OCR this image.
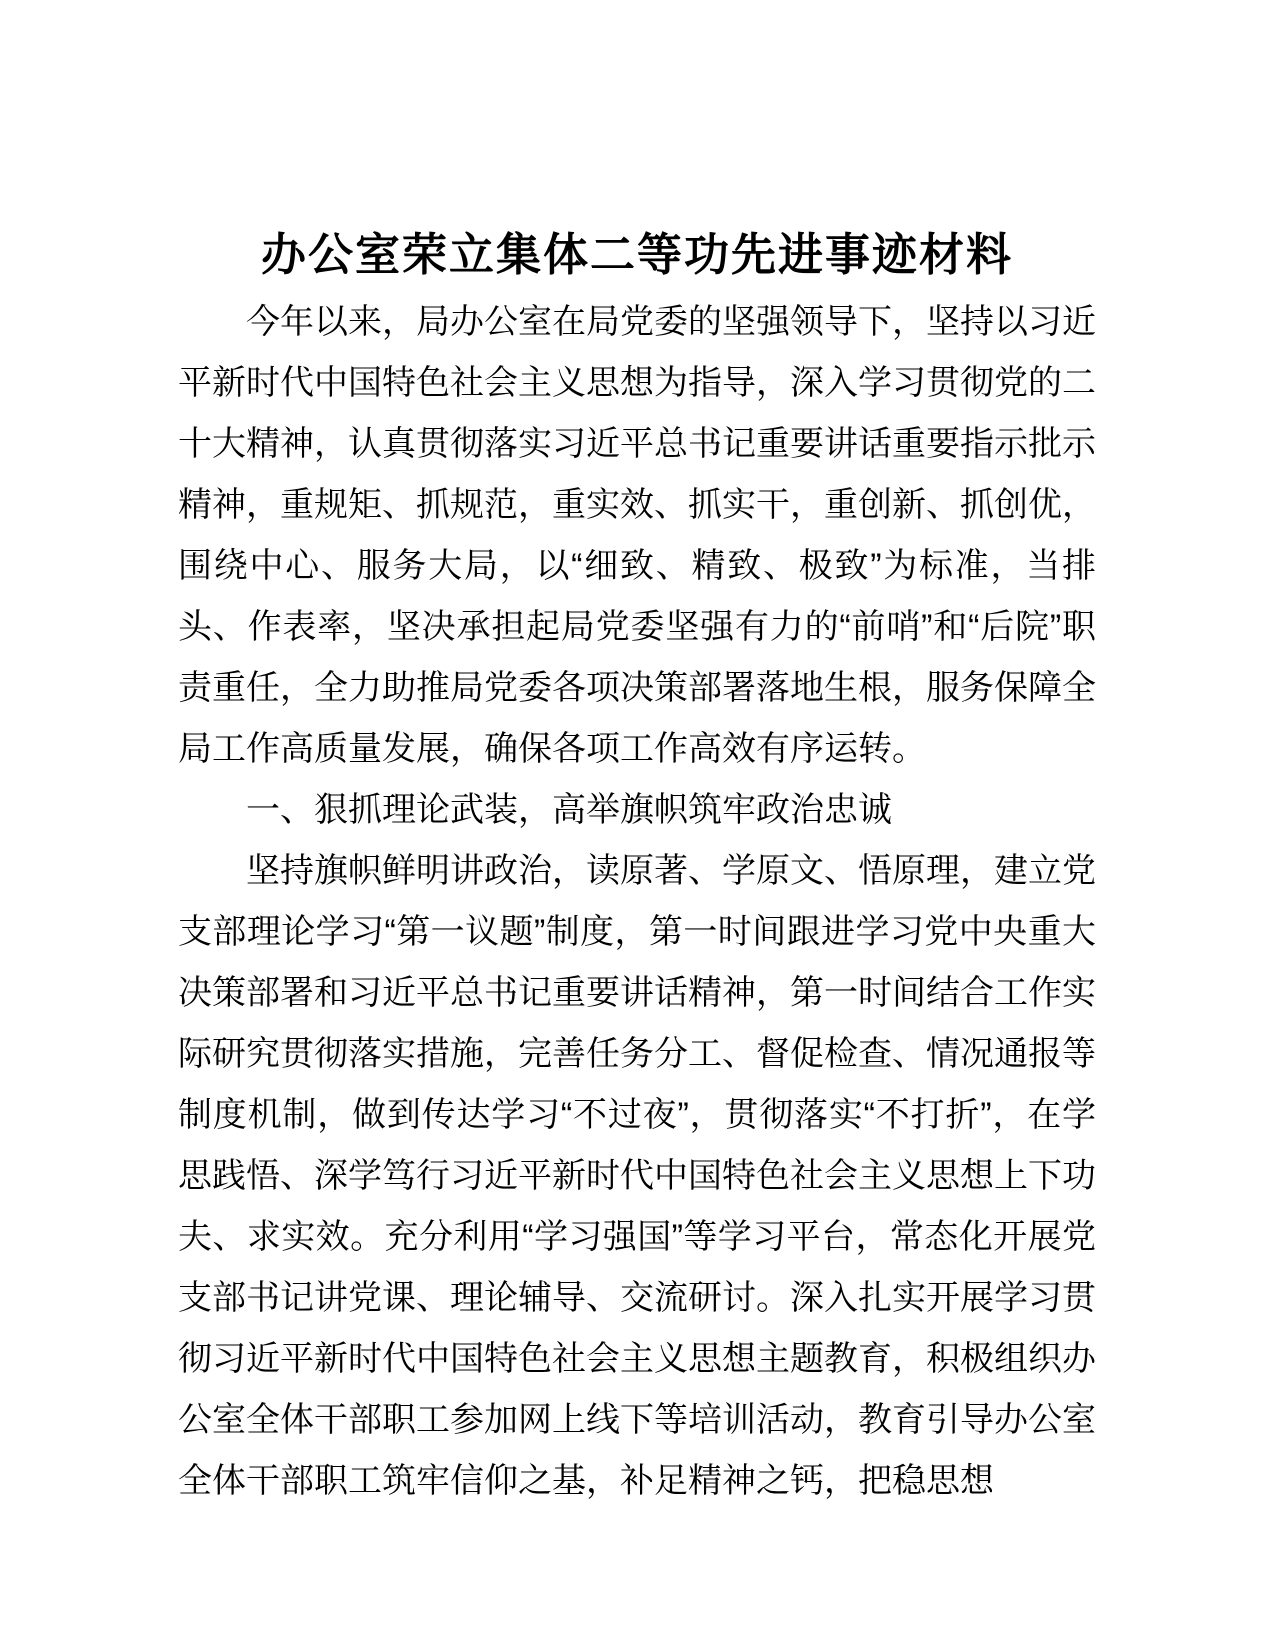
办公室荣立集体二等功先进事迹材料

今年以来，局办公室在局党委的坚强领导下，坚持以习近平新时代中国特色社会主义思想为指导，深入学习贯彻党的二十大精神，认真贯彻落实习近平总书记重要讲话重要指示批示精神，重规矩、抓规范，重实效、抓实干，重创新、抓创优，围绕中心、服务大局，以“细致、精致、极致”为标准，当排头、作表率，坚决承担起局党委坚强有力的“前哨”和“后院”职责重任，全力助推局党委各项决策部署落地生根，服务保障全局工作高质量发展，确保各项工作高效有序运转。

一、狠抓理论武装，高举旗帜筑牢政治忠诚

坚持旗帜鲜明讲政治，读原著、学原文、悟原理，建立党支部理论学习“第一议题”制度，第一时间跟进学习党中央重大决策部署和习近平总书记重要讲话精神，第一时间结合工作实际研究贯彻落实措施，完善任务分工、督促检查、情况通报等制度机制，做到传达学习“不过夜”，贯彻落实“不打折”，在学思践悟、深学笃行习近平新时代中国特色社会主义思想上下功夫、求实效。充分利用“学习强国”等学习平台，常态化开展党支部书记讲党课、理论辅导、交流研讨。深入扎实开展学习贯彻习近平新时代中国特色社会主义思想主题教育，积极组织办公室全体干部职工参加网上线下等培训活动，教育引导办公室全体干部职工筑牢信仰之基，补足精神之钙，把稳思想
